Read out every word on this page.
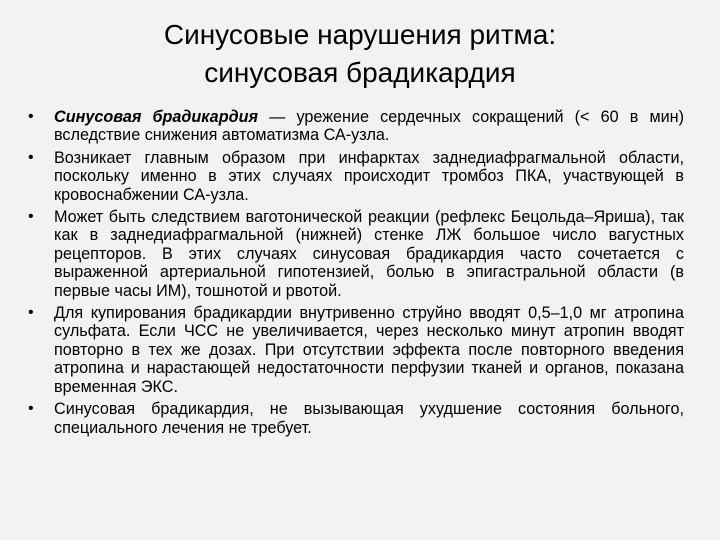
Синусовые нарушения ритма:
синусовая брадикардия
• Синусовая брадикардия — урежение сердечных сокращений (< 60 в мин) вследствие снижения автоматизма СА-узла.
• Возникает главным образом при инфарктах заднедиафрагмальной области, поскольку именно в этих случаях происходит тромбоз ПКА, участвующей в кровоснабжении СА-узла.
• Может быть следствием ваготонической реакции (рефлекс Бецольда–Яриша), так как в заднедиафрагмальной (нижней) стенке ЛЖ большое число вагустных рецепторов. В этих случаях синусовая брадикардия часто сочетается с выраженной артериальной гипотензией, болью в эпигастральной области (в первые часы ИМ), тошнотой и рвотой.
• Для купирования брадикардии внутривенно струйно вводят 0,5–1,0 мг атропина сульфата. Если ЧСС не увеличивается, через несколько минут атропин вводят повторно в тех же дозах. При отсутствии эффекта после повторного введения атропина и нарастающей недостаточности перфузии тканей и органов, показана временная ЭКС.
• Синусовая брадикардия, не вызывающая ухудшение состояния больного, специального лечения не требует.
